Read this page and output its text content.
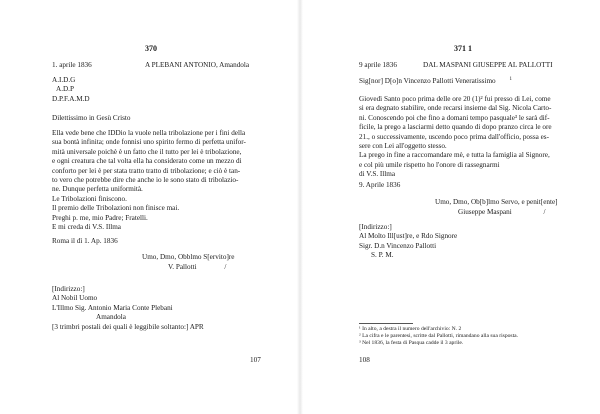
370
1. aprile 1836	A PLEBANI ANTONIO, Amandola
A.I.D.G
A.D.P
D.P.F.A.M.D
Dilettissimo in Gesù Cristo
Ella vede bene che IDDio la vuole nella tribolazione per i fini della
sua bontà infinita; onde fonnisi uno spirito fermo di perfetta unifor-
mità universale poichè è un fatto che il tutto per lei è tribolazione,
e ogni creatura che tal volta ella ha considerato come un mezzo di
conforto per lei è per stata tratto tratto di tribolazione; e ciò è tan-
to vero che potrebbe dire che anche io le sono stato di tribolazio-
ne. Dunque perfetta uniformità.
Le Tribolazioni finiscono.
Il premio delle Tribolazioni non finisce mai.
Preghi p. me, mio Padre; Fratelli.
E mi creda di V.S. Illma
Roma il dì 1. Ap. 1836
Umo, Dmo, Obblmo S[ervito]re
V. Pallotti	/
[Indirizzo:]
Al Nobil Uomo
L'Illmo Sig. Antonio Maria Conte Plebani
Amandola
[3 trimbri postali dei quali è leggibile soltanto:] APR
107
371 1
9 aprile 1836	DAL MASPANI GIUSEPPE AL PALLOTTI
Sig[nor] D[o]n Vincenzo Pallotti Veneratissimo	$^1$
Giovedì Santo poco prima delle ore 20 (1)² fui presso di Lei, come
si era degnato stabilire, onde recarsi insieme dal Sig. Nicola Carto-
ni. Conoscendo poi che fino a domani tempo pasquale³ le sarà dif-
ficile, la prego a lasciarmi detto quando di dopo pranzo circa le ore
21., o successivamente, uscendo poco prima dall'officio, possa es-
sere con Lei all'oggetto stesso.
La prego in fine a raccomandare mè, e tutta la famiglia al Signore,
e col più umile rispetto ho l'onore di rassegnarmi
di V.S. Illma
9. Aprile 1836
Umo, Dmo, Ob[b]lmo Servo, e penit[ente]
Giuseppe Maspani	/
[Indirizzo:]
Al Molto Ill[ust]re, e Rdo Signore
Sigr. D.n Vincenzo Pallotti
S. P. M.
¹ In alto, a destra il numero dell'archivio: N. 2
² La cifra e le parentesi, scritte dal Pallotti, rimandano alla sua risposta.
³ Nel 1836, la festa di Pasqua cadde il 3 aprile.
108
